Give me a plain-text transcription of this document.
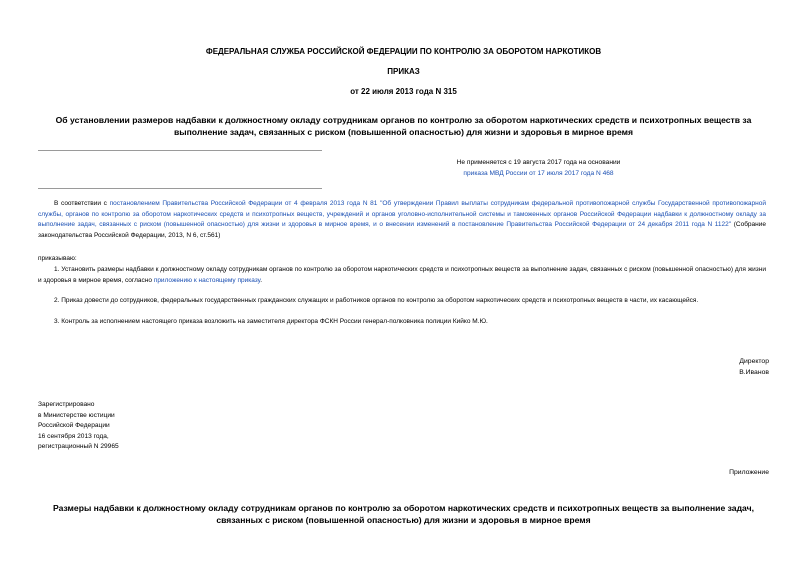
ФЕДЕРАЛЬНАЯ СЛУЖБА РОССИЙСКОЙ ФЕДЕРАЦИИ ПО КОНТРОЛЮ ЗА ОБОРОТОМ НАРКОТИКОВ
ПРИКАЗ
от 22 июля 2013 года N 315
Об установлении размеров надбавки к должностному окладу сотрудникам органов по контролю за оборотом наркотических средств и психотропных веществ за выполнение задач, связанных с риском (повышенной опасностью) для жизни и здоровья в мирное время
Не применяется с 19 августа 2017 года на основании
приказа МВД России от 17 июля 2017 года N 468
В соответствии с постановлением Правительства Российской Федерации от 4 февраля 2013 года N 81 "Об утверждении Правил выплаты сотрудникам федеральной противопожарной службы Государственной противопожарной службы, органов по контролю за оборотом наркотических средств и психотропных веществ, учреждений и органов уголовно-исполнительной системы и таможенных органов Российской Федерации надбавки к должностному окладу за выполнение задач, связанных с риском (повышенной опасностью) для жизни и здоровья в мирное время, и о внесении изменений в постановление Правительства Российской Федерации от 24 декабря 2011 года N 1122" (Собрание законодательства Российской Федерации, 2013, N 6, ст.561)
приказываю:
1. Установить размеры надбавки к должностному окладу сотрудникам органов по контролю за оборотом наркотических средств и психотропных веществ за выполнение задач, связанных с риском (повышенной опасностью) для жизни и здоровья в мирное время, согласно приложению к настоящему приказу.
2. Приказ довести до сотрудников, федеральных государственных гражданских служащих и работников органов по контролю за оборотом наркотических средств и психотропных веществ в части, их касающейся.
3. Контроль за исполнением настоящего приказа возложить на заместителя директора ФСКН России генерал-полковника полиции Кийко М.Ю.
Директор
В.Иванов
Зарегистрировано
в Министерстве юстиции
Российской Федерации
16 сентября 2013 года,
регистрационный N 29965
Приложение
Размеры надбавки к должностному окладу сотрудникам органов по контролю за оборотом наркотических средств и психотропных веществ за выполнение задач, связанных с риском (повышенной опасностью) для жизни и здоровья в мирное время
